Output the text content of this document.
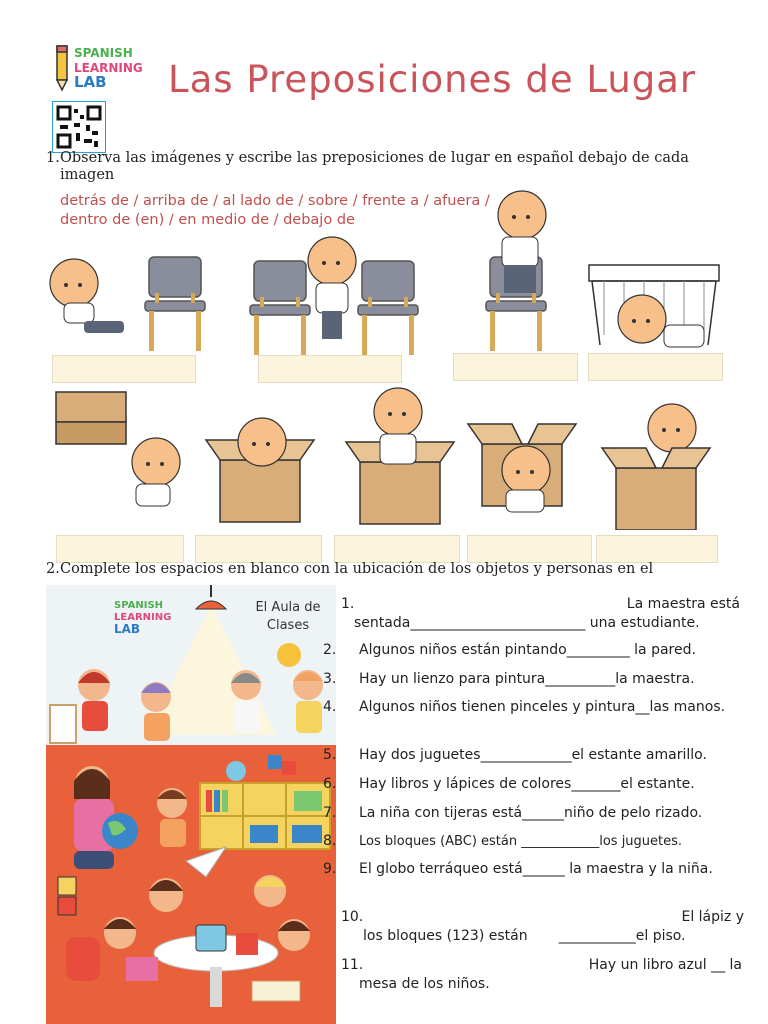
SPANISH
LEARNING
LAB Las Preposiciones de Lugar
1. Observa las imágenes y escribe las preposiciones de lugar en español debajo de cada imagen
detrás de / arriba de / al lado de / sobre / frente a / afuera / dentro de (en) / en medio de / debajo de
2.Complete los espacios en blanco con la ubicación de los objetos y personas en el
SPANISH
LEARNING
LAB
El Aula de
Clases
1.	La maestra está
sentada_________________________ una estudiante.
2. Algunos niños están pintando_________ la pared.
3. Hay un lienzo para pintura__________la maestra.
4. Algunos niños tienen pinceles y pintura__las manos.
5. Hay dos juguetes_____________el estante amarillo.
6. Hay libros y lápices de colores_______el estante.
7. La niña con tijeras está______niño de pelo rizado.
8. Los bloques (ABC) están ____________los juguetes.
9. El globo terráqueo está______ la maestra y la niña.
10.	El lápiz y
los bloques (123) están       ___________el piso.
11.	Hay un libro azul __ la
mesa de los niños.
